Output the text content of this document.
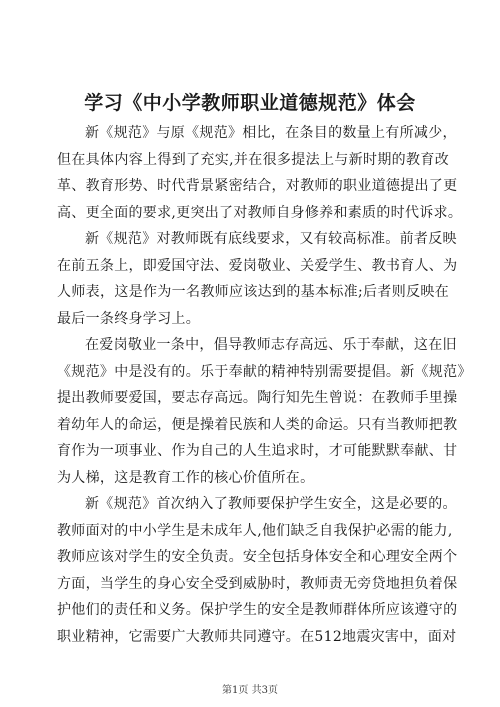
学习《中小学教师职业道德规范》体会
新《规范》与原《规范》相比，在条目的数量上有所减少，
但在具体内容上得到了充实,并在很多提法上与新时期的教育改
革、教育形势、时代背景紧密结合，对教师的职业道德提出了更
高、更全面的要求,更突出了对教师自身修养和素质的时代诉求。
新《规范》对教师既有底线要求，又有较高标准。前者反映
在前五条上，即爱国守法、爱岗敬业、关爱学生、教书育人、为
人师表，这是作为一名教师应该达到的基本标准;后者则反映在
最后一条终身学习上。
在爱岗敬业一条中，倡导教师志存高远、乐于奉献，这在旧
《规范》中是没有的。乐于奉献的精神特别需要提倡。新《规范》
提出教师要爱国，要志存高远。陶行知先生曾说：在教师手里操
着幼年人的命运，便是操着民族和人类的命运。只有当教师把教
育作为一项事业、作为自己的人生追求时，才可能默默奉献、甘
为人梯，这是教育工作的核心价值所在。
新《规范》首次纳入了教师要保护学生安全，这是必要的。
教师面对的中小学生是未成年人,他们缺乏自我保护必需的能力,
教师应该对学生的安全负责。安全包括身体安全和心理安全两个
方面，当学生的身心安全受到威胁时，教师责无旁贷地担负着保
护他们的责任和义务。保护学生的安全是教师群体所应该遵守的
职业精神，它需要广大教师共同遵守。在512地震灾害中，面对
第1页 共3页
